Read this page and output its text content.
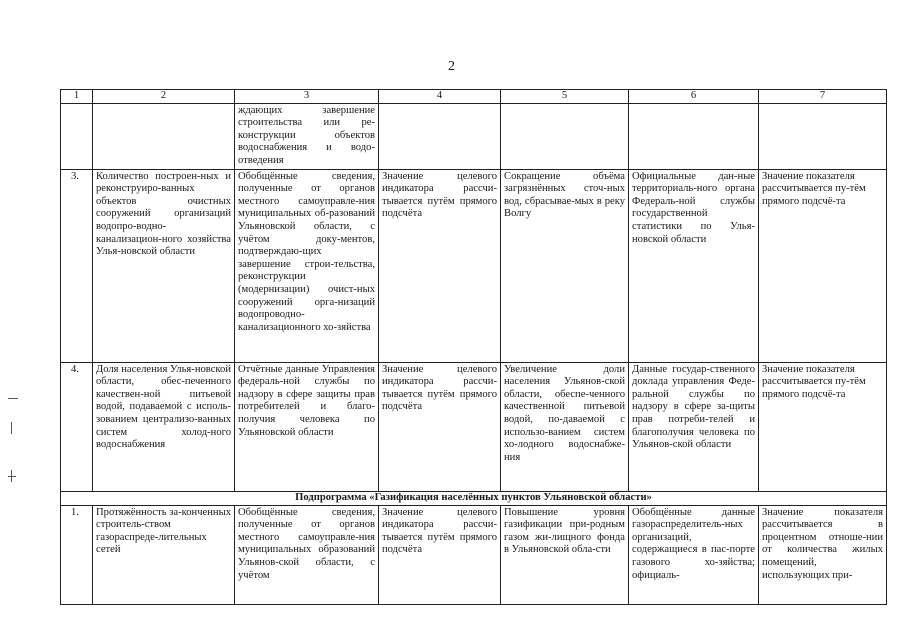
2
1	2	3	4	5	6	7
		ждающих завершение строительства или ре-конструкции объектов водоснабжения и водо-отведения				
3.	Количество построен-ных и реконструиро-ванных объектов очистных сооружений организаций водопро-водно-канализацион-ного хозяйства Улья-новской области	Обобщённые сведения, полученные от органов местного самоуправле-ния муниципальных об-разований Ульяновской области, с учётом доку-ментов, подтверждаю-щих завершение строи-тельства, реконструкции (модернизации) очист-ных сооружений орга-низаций водопроводно-канализационного хо-зяйства	Значение целевого индикатора рассчи-тывается путём прямого подсчёта	Сокращение объёма загрязнённых сточ-ных вод, сбрасывае-мых в реку Волгу	Официальные дан-ные территориаль-ного органа Федераль-ной службы государственной статистики по Улья-новской области	Значение показателя рассчитывается пу-тём прямого подсчё-та
4.	Доля населения Улья-новской области, обес-печенного качествен-ной питьевой водой, подаваемой с исполь-зованием централизо-ванных систем холод-ного водоснабжения	Отчётные данные Управления федераль-ной службы по надзору в сфере защиты прав потребителей и благо-получия человека по Ульяновской области	Значение целевого индикатора рассчи-тывается путём прямого подсчёта	Увеличение доли населения Ульянов-ской области, обеспе-ченного качественной питьевой водой, по-даваемой с использо-ванием систем хо-лодного водоснабже-ния	Данные государ-ственного доклада управления Феде-ральной службы по надзору в сфере за-щиты прав потреби-телей и благополучия человека по Ульянов-ской области	Значение показателя рассчитывается пу-тём прямого подсчё-та
Подпрограмма «Газификация населённых пунктов Ульяновской области»						
1.	Протяжённость за-конченных строитель-ством газораспреде-лительных сетей	Обобщённые сведения, полученные от органов местного самоуправле-ния муниципальных образований Ульянов-ской области, с учётом	Значение целевого индикатора рассчи-тывается путём прямого подсчёта	Повышение уровня газификации при-родным газом жи-лищного фонда в Ульяновской обла-сти	Обобщённые данные газораспределитель-ных организаций, содержащиеся в пас-порте газового хо-зяйства; официаль-	Значение показателя рассчитывается в процентном отноше-нии от количества жилых помещений, использующих при-
